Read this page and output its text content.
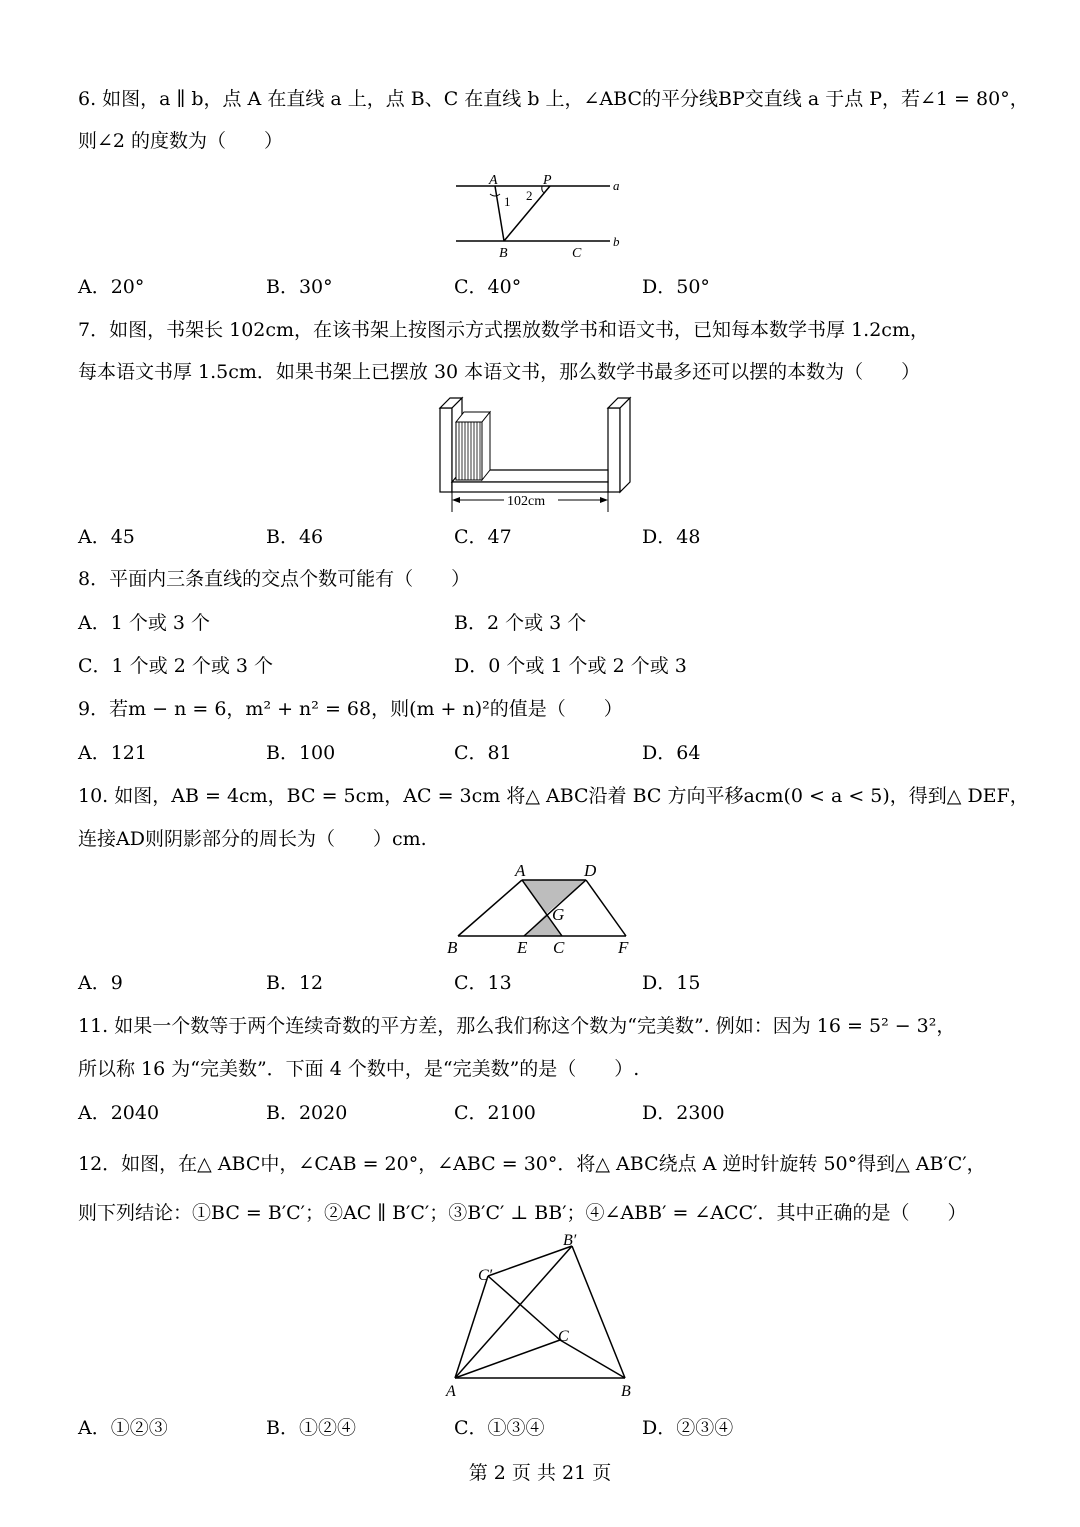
6. 如图，a ∥ b，点 A 在直线 a 上，点 B、C 在直线 b 上，∠ABC的平分线BP交直线 a 于点 P，若∠1 = 80°，
则∠2 的度数为（　　）
A	P	a
1 2
B	C
b
A．20°	B．30°	C．40°	D．50°
7．如图，书架长 102cm，在该书架上按图示方式摆放数学书和语文书，已知每本数学书厚 1.2cm，
每本语文书厚 1.5cm．如果书架上已摆放 30 本语文书，那么数学书最多还可以摆的本数为（　　）
102cm
A．45	B．46	C．47	D．48
8．平面内三条直线的交点个数可能有（　　）
A．1 个或 3 个	B．2 个或 3 个
C．1 个或 2 个或 3 个	D．0 个或 1 个或 2 个或 3
9．若m − n = 6，m² + n² = 68，则(m + n)²的值是（　　）
A．121	B．100	C．81	D．64
10. 如图，AB = 4cm，BC = 5cm，AC = 3cm 将△ ABC沿着 BC 方向平移acm(0 < a < 5)，得到△ DEF，
连接AD则阴影部分的周长为（　　）cm.
A	D
G
B	E C	F
A．9	B．12	C．13	D．15
11. 如果一个数等于两个连续奇数的平方差，那么我们称这个数为“完美数”. 例如：因为 16 = 5² − 3²，
所以称 16 为“完美数”．下面 4 个数中，是“完美数”的是（　　）.
A．2040	B．2020	C．2100	D．2300
12．如图，在△ ABC中，∠CAB = 20°，∠ABC = 30°．将△ ABC绕点 A 逆时针旋转 50°得到△ AB′C′，
则下列结论：①BC = B′C′；②AC ∥ B′C′；③B′C′ ⊥ BB′；④∠ABB′ = ∠ACC′．其中正确的是（　　）
B′
C′
C
A	B
A．①②③	B．①②④	C．①③④	D．②③④
第 2 页 共 21 页
